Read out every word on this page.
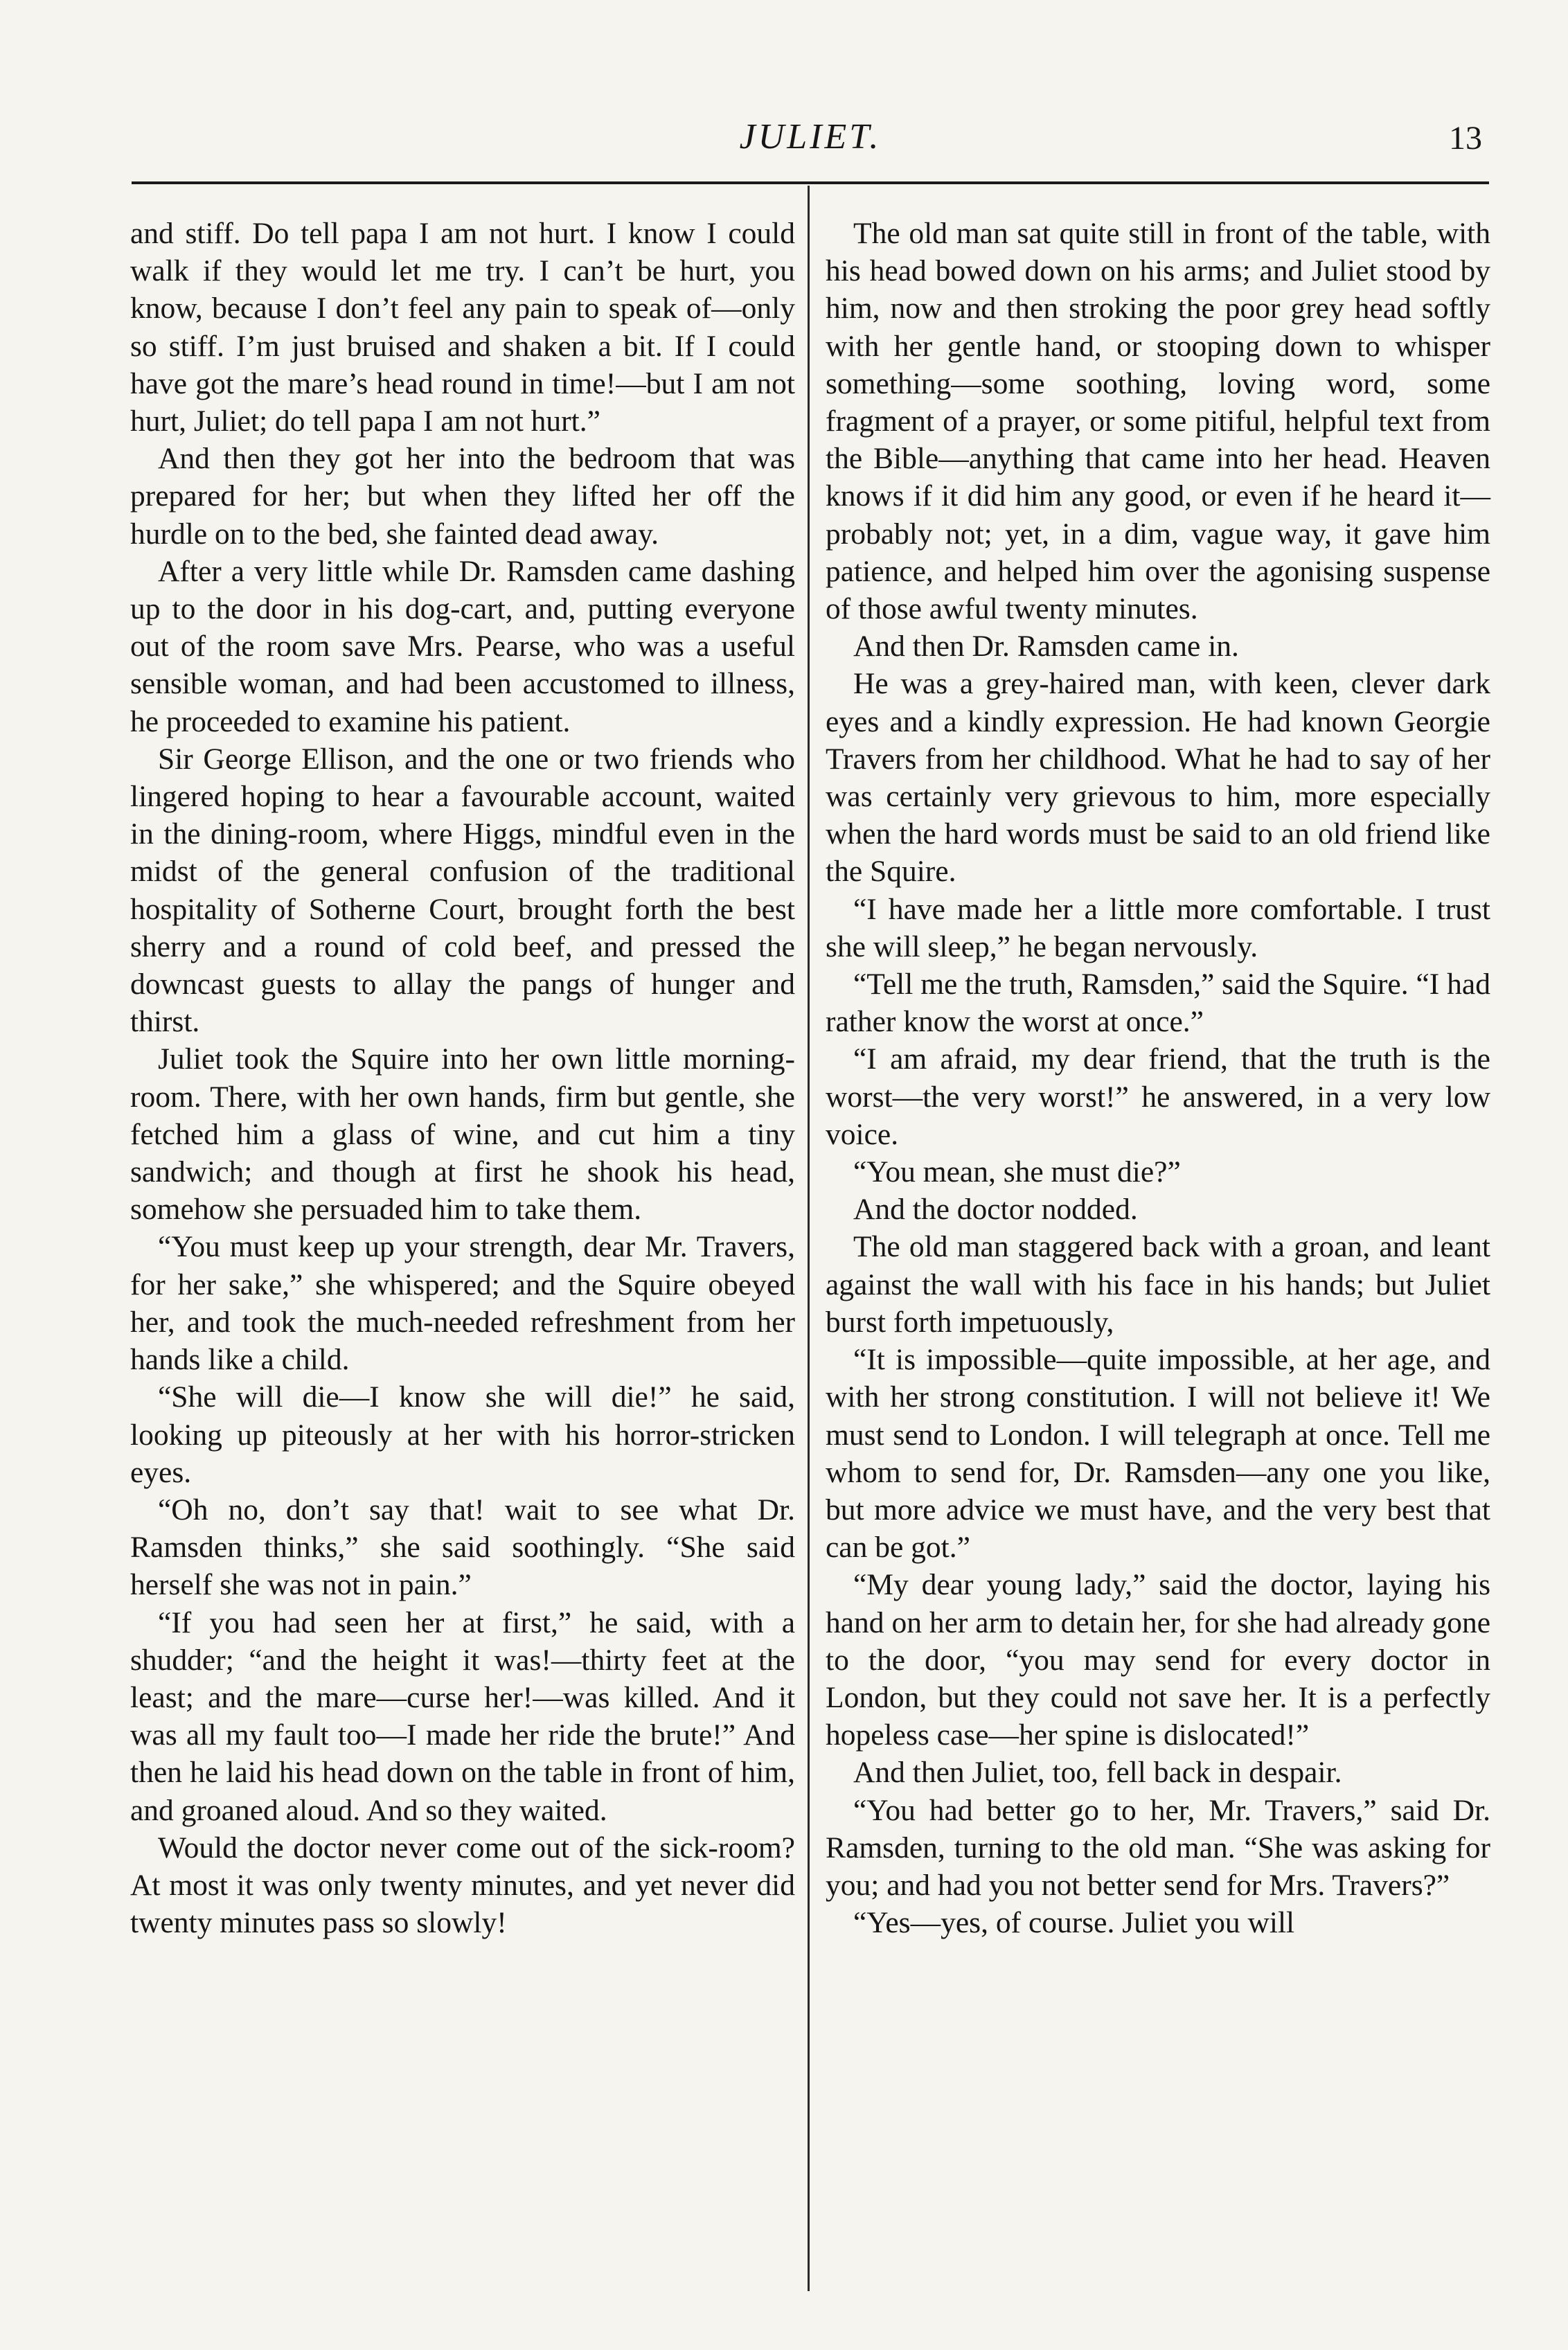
JULIET.	13

and stiff. Do tell papa I am not hurt. I know I could walk if they would let me try. I can’t be hurt, you know, because I don’t feel any pain to speak of—only so stiff. I’m just bruised and shaken a bit. If I could have got the mare’s head round in time!—but I am not hurt, Juliet; do tell papa I am not hurt.”

And then they got her into the bedroom that was prepared for her; but when they lifted her off the hurdle on to the bed, she fainted dead away.

After a very little while Dr. Ramsden came dashing up to the door in his dog-cart, and, putting everyone out of the room save Mrs. Pearse, who was a useful sensible woman, and had been accustomed to illness, he proceeded to examine his patient.

Sir George Ellison, and the one or two friends who lingered hoping to hear a favourable account, waited in the dining-room, where Higgs, mindful even in the midst of the general confusion of the traditional hospitality of Sotherne Court, brought forth the best sherry and a round of cold beef, and pressed the downcast guests to allay the pangs of hunger and thirst.

Juliet took the Squire into her own little morning-room. There, with her own hands, firm but gentle, she fetched him a glass of wine, and cut him a tiny sandwich; and though at first he shook his head, somehow she persuaded him to take them.

“You must keep up your strength, dear Mr. Travers, for her sake,” she whispered; and the Squire obeyed her, and took the much-needed refreshment from her hands like a child.

“She will die—I know she will die!” he said, looking up piteously at her with his horror-stricken eyes.

“Oh no, don’t say that! wait to see what Dr. Ramsden thinks,” she said soothingly. “She said herself she was not in pain.”

“If you had seen her at first,” he said, with a shudder; “and the height it was!—thirty feet at the least; and the mare—curse her!—was killed. And it was all my fault too—I made her ride the brute!” And then he laid his head down on the table in front of him, and groaned aloud. And so they waited.

Would the doctor never come out of the sick-room? At most it was only twenty minutes, and yet never did twenty minutes pass so slowly!

The old man sat quite still in front of the table, with his head bowed down on his arms; and Juliet stood by him, now and then stroking the poor grey head softly with her gentle hand, or stooping down to whisper something—some soothing, loving word, some fragment of a prayer, or some pitiful, helpful text from the Bible—anything that came into her head. Heaven knows if it did him any good, or even if he heard it—probably not; yet, in a dim, vague way, it gave him patience, and helped him over the agonising suspense of those awful twenty minutes.

And then Dr. Ramsden came in.

He was a grey-haired man, with keen, clever dark eyes and a kindly expression. He had known Georgie Travers from her childhood. What he had to say of her was certainly very grievous to him, more especially when the hard words must be said to an old friend like the Squire.

“I have made her a little more comfortable. I trust she will sleep,” he began nervously.

“Tell me the truth, Ramsden,” said the Squire. “I had rather know the worst at once.”

“I am afraid, my dear friend, that the truth is the worst—the very worst!” he answered, in a very low voice.

“You mean, she must die?”

And the doctor nodded.

The old man staggered back with a groan, and leant against the wall with his face in his hands; but Juliet burst forth impetuously,

“It is impossible—quite impossible, at her age, and with her strong constitution. I will not believe it! We must send to London. I will telegraph at once. Tell me whom to send for, Dr. Ramsden—any one you like, but more advice we must have, and the very best that can be got.”

“My dear young lady,” said the doctor, laying his hand on her arm to detain her, for she had already gone to the door, “you may send for every doctor in London, but they could not save her. It is a perfectly hopeless case—her spine is dislocated!”

And then Juliet, too, fell back in despair.

“You had better go to her, Mr. Travers,” said Dr. Ramsden, turning to the old man. “She was asking for you; and had you not better send for Mrs. Travers?”

“Yes—yes, of course. Juliet you will
